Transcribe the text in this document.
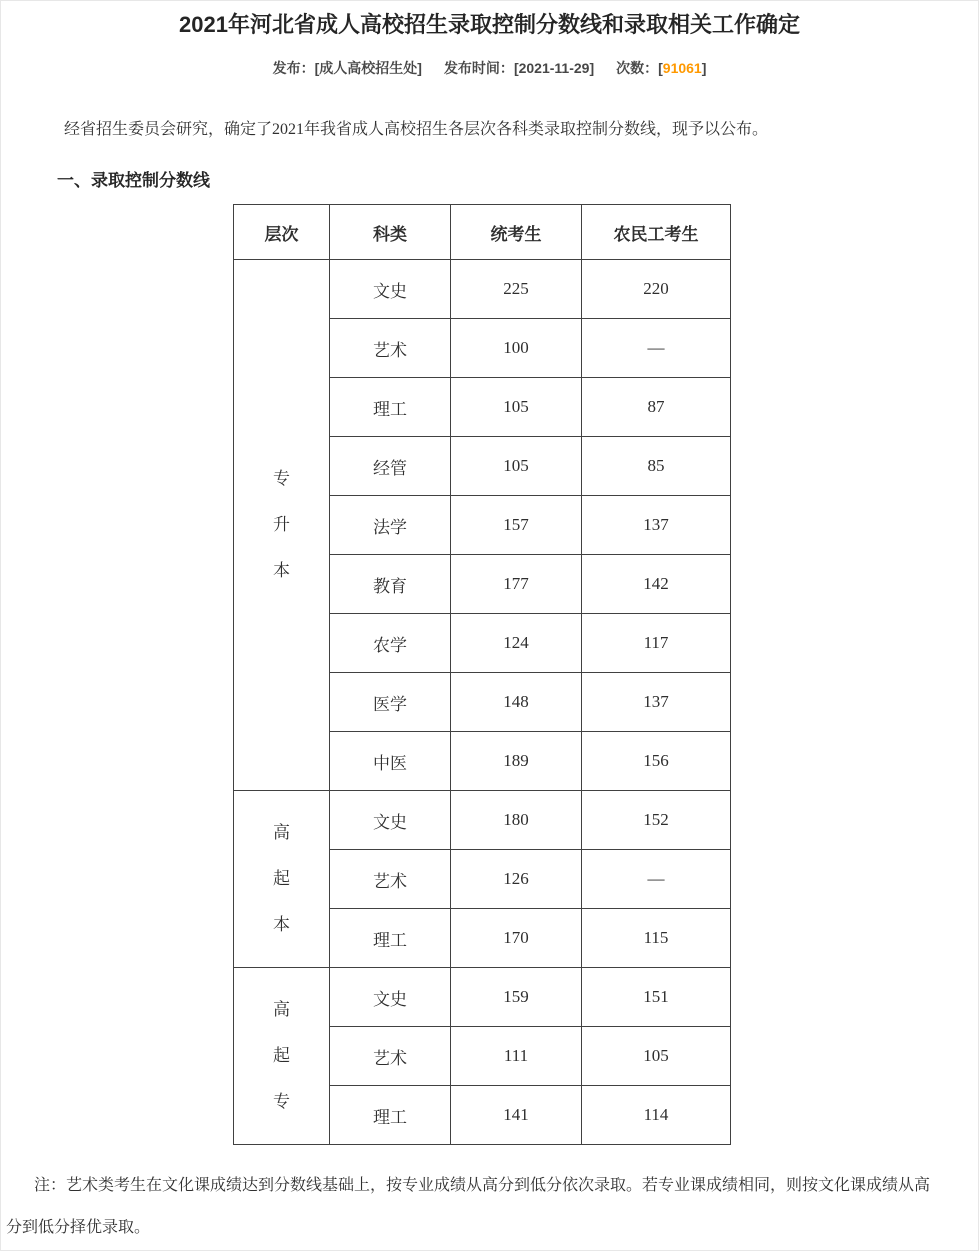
2021年河北省成人高校招生录取控制分数线和录取相关工作确定
发布：[成人高校招生处] 发布时间：[2021-11-29] 次数：[91061]

经省招生委员会研究，确定了2021年我省成人高校招生各层次各科类录取控制分数线，现予以公布。

一、录取控制分数线
层次	科类	统考生	农民工考生
专升本	文史	225	220
	艺术	100	—
	理工	105	87
	经管	105	85
	法学	157	137
	教育	177	142
	农学	124	117
	医学	148	137
	中医	189	156
高起本	文史	180	152
	艺术	126	—
	理工	170	115
高起专	文史	159	151
	艺术	111	105
	理工	141	114

注：艺术类考生在文化课成绩达到分数线基础上，按专业成绩从高分到低分依次录取。若专业课成绩相同，则按文化课成绩从高分到低分择优录取。
